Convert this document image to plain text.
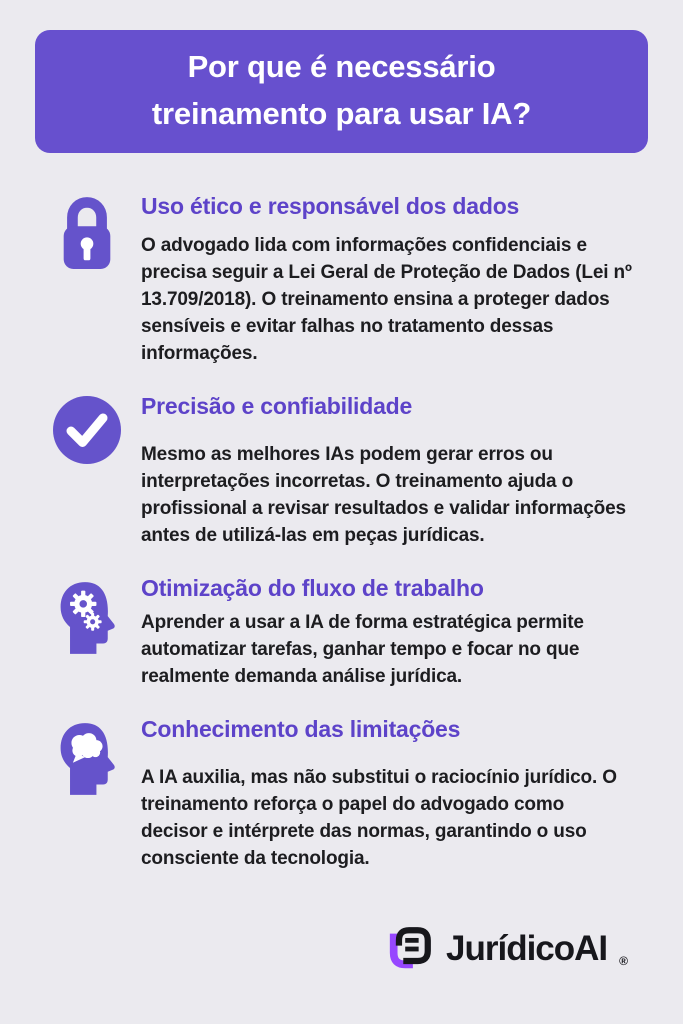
Por que é necessário
treinamento para usar IA?
Uso ético e responsável dos dados

O advogado lida com informações confidenciais e precisa seguir a Lei Geral de Proteção de Dados (Lei nº 13.709/2018). O treinamento ensina a proteger dados sensíveis e evitar falhas no tratamento dessas informações.

Precisão e confiabilidade

Mesmo as melhores IAs podem gerar erros ou interpretações incorretas. O treinamento ajuda o profissional a revisar resultados e validar informações antes de utilizá-las em peças jurídicas.

Otimização do fluxo de trabalho

Aprender a usar a IA de forma estratégica permite automatizar tarefas, ganhar tempo e focar no que realmente demanda análise jurídica.

Conhecimento das limitações

A IA auxilia, mas não substitui o raciocínio jurídico. O treinamento reforça o papel do advogado como decisor e intérprete das normas, garantindo o uso consciente da tecnologia.

JurídicoAI ®
